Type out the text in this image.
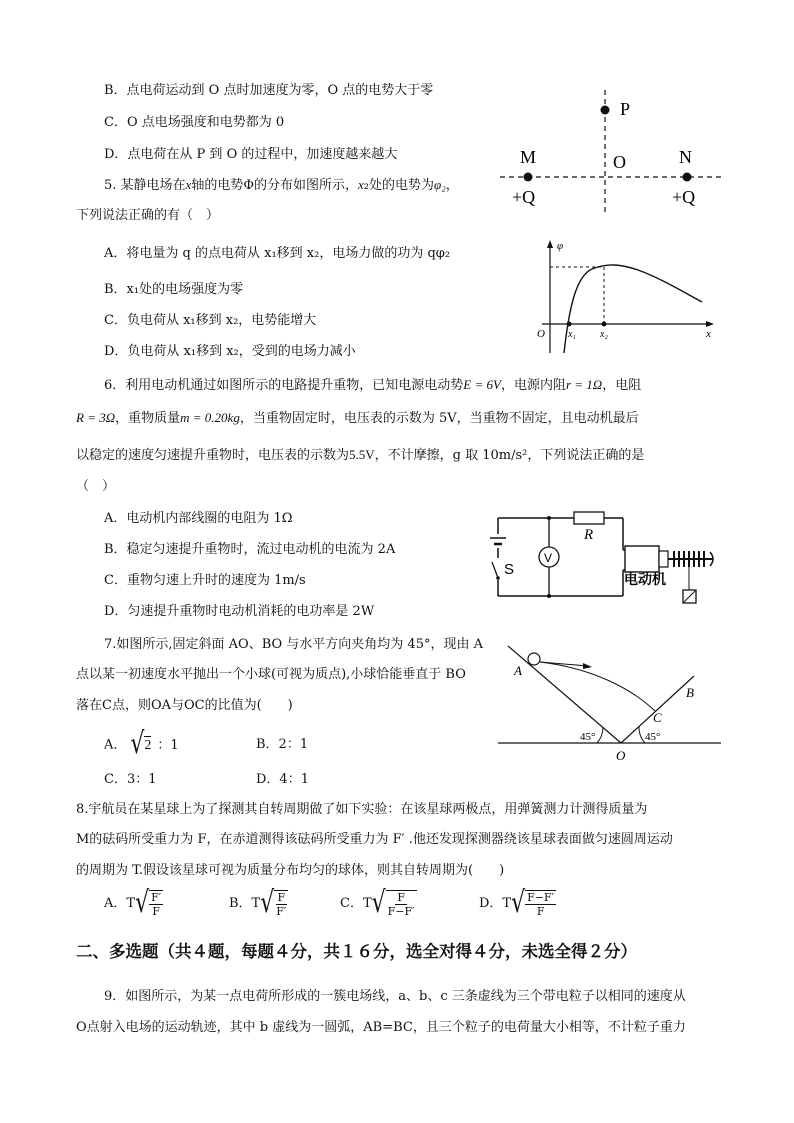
B．点电荷运动到 O 点时加速度为零，O 点的电势大于零
C．O 点电场强度和电势都为 0
D．点电荷在从 P 到 O 的过程中，加速度越来越大
P
O
M	N
+Q	+Q
5. 某静电场在x轴的电势Φ的分布如图所示，x₂处的电势为φ₂，
下列说法正确的有（　）
A．将电量为 q 的点电荷从 x₁移到 x₂，电场力做的功为 qφ₂
B．x₁处的电场强度为零
C．负电荷从 x₁移到 x₂，电势能增大
D．负电荷从 x₁移到 x₂，受到的电场力减小
φ
O x₁ x₂	x
6．利用电动机通过如图所示的电路提升重物，已知电源电动势E = 6V，电源内阻r = 1Ω，电阻
R = 3Ω，重物质量m = 0.20kg，当重物固定时，电压表的示数为 5V，当重物不固定，且电动机最后
以稳定的速度匀速提升重物时，电压表的示数为5.5V，不计摩擦，g 取 10m/s²，下列说法正确的是
（　）
A．电动机内部线圈的电阻为 1Ω
B．稳定匀速提升重物时，流过电动机的电流为 2A
C．重物匀速上升时的速度为 1m/s
D．匀速提升重物时电动机消耗的电功率是 2W
R
V
S
电动机
7.如图所示,固定斜面 AO、BO 与水平方向夹角均为 45°，现由 A
点以某一初速度水平抛出一个小球(可视为质点),小球恰能垂直于 BO
落在C点，则OA与OC的比值为(　　)
A． √ 2 ：1	B．2：1
C．3：1	D．4：1
A
B
C
O
45°	45°
8.宇航员在某星球上为了探测其自转周期做了如下实验：在该星球两极点，用弹簧测力计测得质量为
M的砝码所受重力为 F，在赤道测得该砝码所受重力为 F′ .他还发现探测器绕该星球表面做匀速圆周运动
的周期为 T.假设该星球可视为质量分布均匀的球体，则其自转周期为(　　)
A．T √ $\frac{F'}{F}$	B．T √ $\frac{F}{F'}$	C．T √ $\frac{F}{F-F'}$	D．T √ $\frac{F-F'}{F}$
二、多选题（共４题，每题４分，共１６分，选全对得４分，未选全得２分）
9．如图所示，为某一点电荷所形成的一簇电场线，a、b、c 三条虚线为三个带电粒子以相同的速度从
O点射入电场的运动轨迹，其中 b 虚线为一圆弧，AB=BC，且三个粒子的电荷量大小相等，不计粒子重力
